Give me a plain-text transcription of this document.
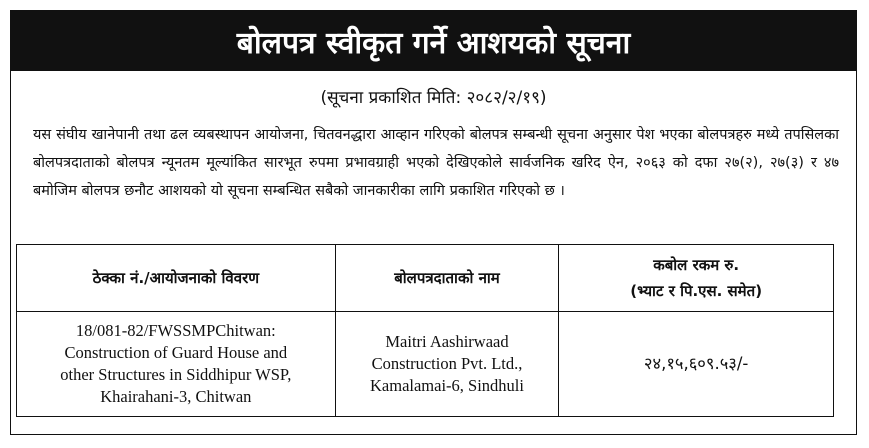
बोलपत्र स्वीकृत गर्ने आशयको सूचना
(सूचना प्रकाशित मिति: २०८२/२/१९)
यस संघीय खानेपानी तथा ढल व्यबस्थापन आयोजना, चितवनद्धारा आव्हान गरिएको बोलपत्र सम्बन्धी सूचना अनुसार पेश भएका बोलपत्रहरु मध्ये तपसिलका बोलपत्रदाताको बोलपत्र न्यूनतम मूल्यांकित सारभूत रुपमा प्रभावग्राही भएको देखिएकोले सार्वजनिक खरिद ऐन, २०६३ को दफा २७(२), २७(३) र ४७ बमोजिम बोलपत्र छनौट आशयको यो सूचना सम्बन्धित सबैको जानकारीका लागि प्रकाशित गरिएको छ ।
ठेक्का नं./आयोजनाको विवरण	बोलपत्रदाताको नाम	कबोल रकम रु.
(भ्याट र पि.एस. समेत)
18/081-82/FWSSMPChitwan:
Construction of Guard House and
other Structures in Siddhipur WSP,
Khairahani-3, Chitwan	Maitri Aashirwaad
Construction Pvt. Ltd.,
Kamalamai-6, Sindhuli	२४,१५,६०९.५३/-
